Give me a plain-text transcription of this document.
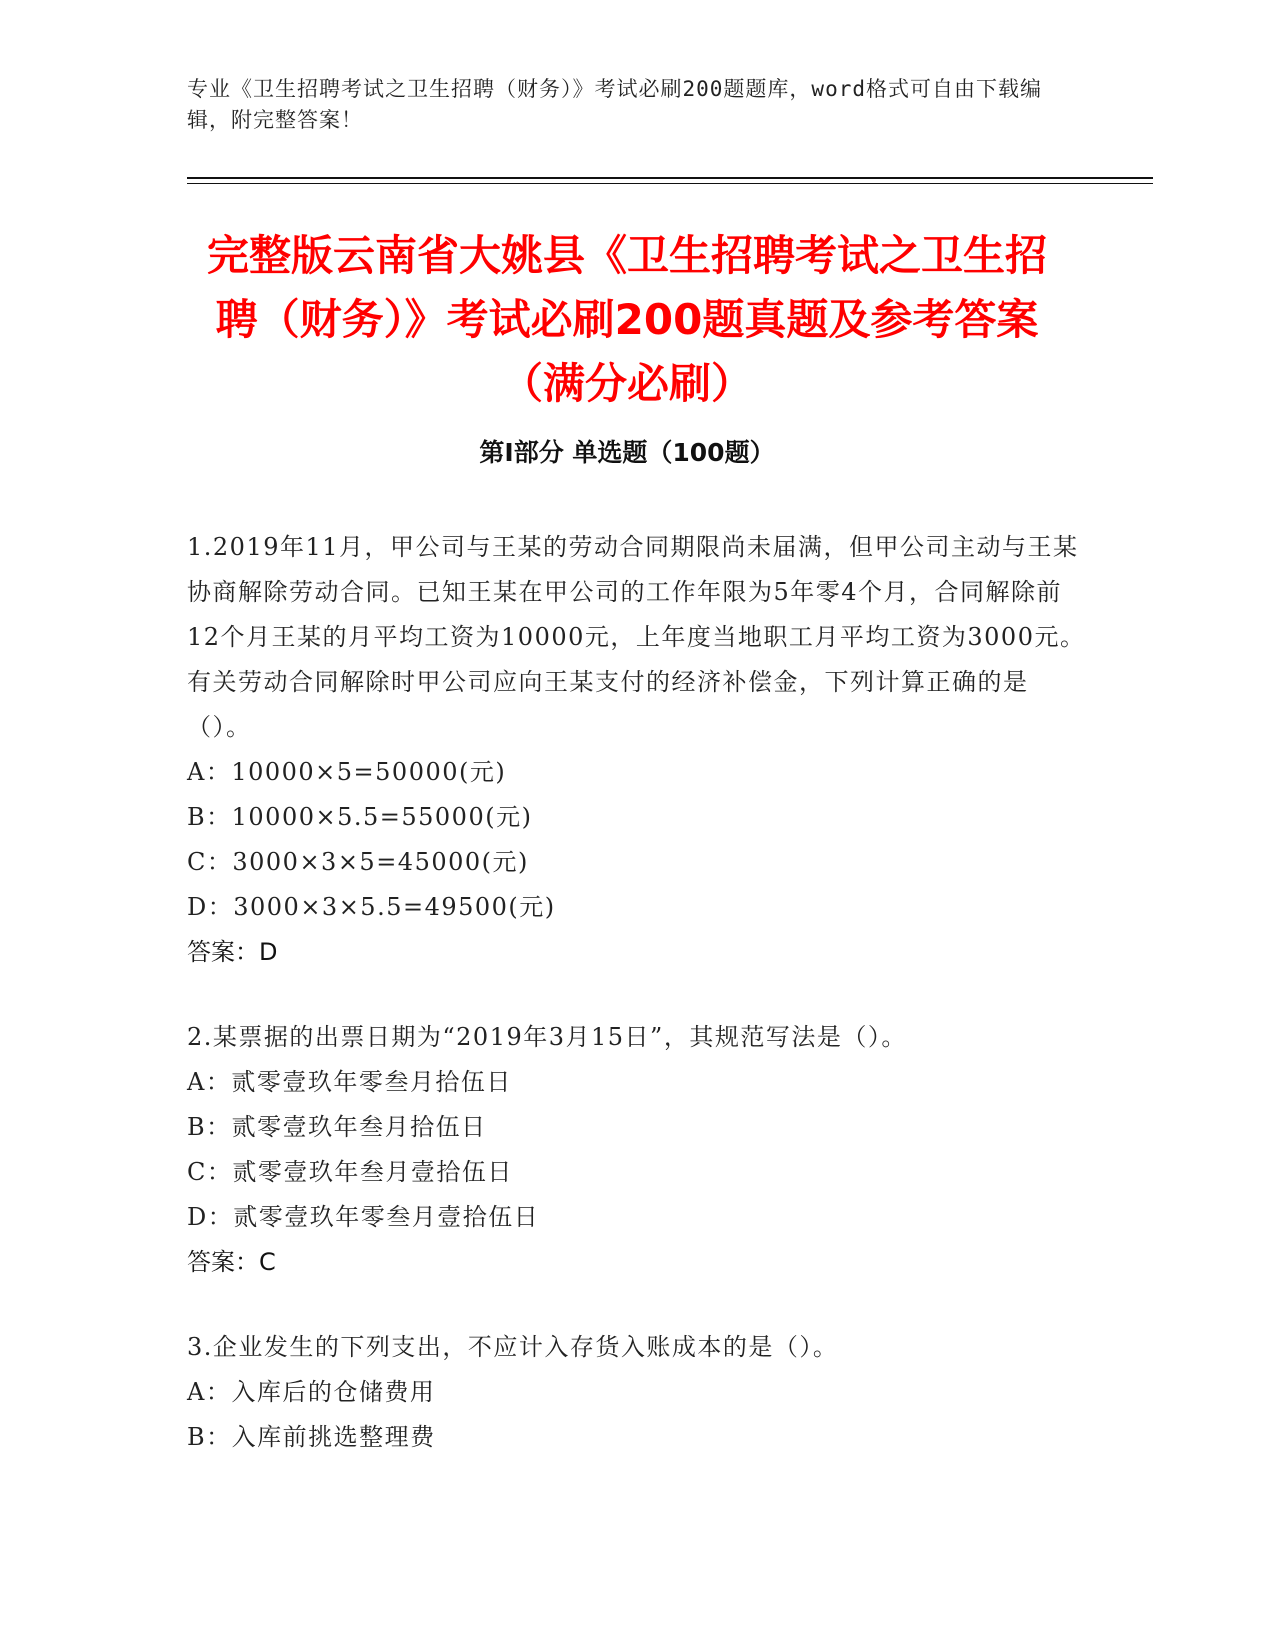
专业《卫生招聘考试之卫生招聘（财务）》考试必刷200题题库，word格式可自由下载编辑，附完整答案！
完整版云南省大姚县《卫生招聘考试之卫生招聘（财务）》考试必刷200题真题及参考答案（满分必刷）
第Ⅰ部分 单选题（100题）

1.2019年11月，甲公司与王某的劳动合同期限尚未届满，但甲公司主动与王某协商解除劳动合同。已知王某在甲公司的工作年限为5年零4个月，合同解除前12个月王某的月平均工资为10000元，上年度当地职工月平均工资为3000元。有关劳动合同解除时甲公司应向王某支付的经济补偿金，下列计算正确的是（）。

A：10000×5=50000(元)

B：10000×5.5=55000(元)

C：3000×3×5=45000(元)

D：3000×3×5.5=49500(元)

答案：D

2.某票据的出票日期为“2019年3月15日”，其规范写法是（）。

A：贰零壹玖年零叁月拾伍日

B：贰零壹玖年叁月拾伍日

C：贰零壹玖年叁月壹拾伍日

D：贰零壹玖年零叁月壹拾伍日

答案：C

3.企业发生的下列支出，不应计入存货入账成本的是（）。

A：入库后的仓储费用

B：入库前挑选整理费
